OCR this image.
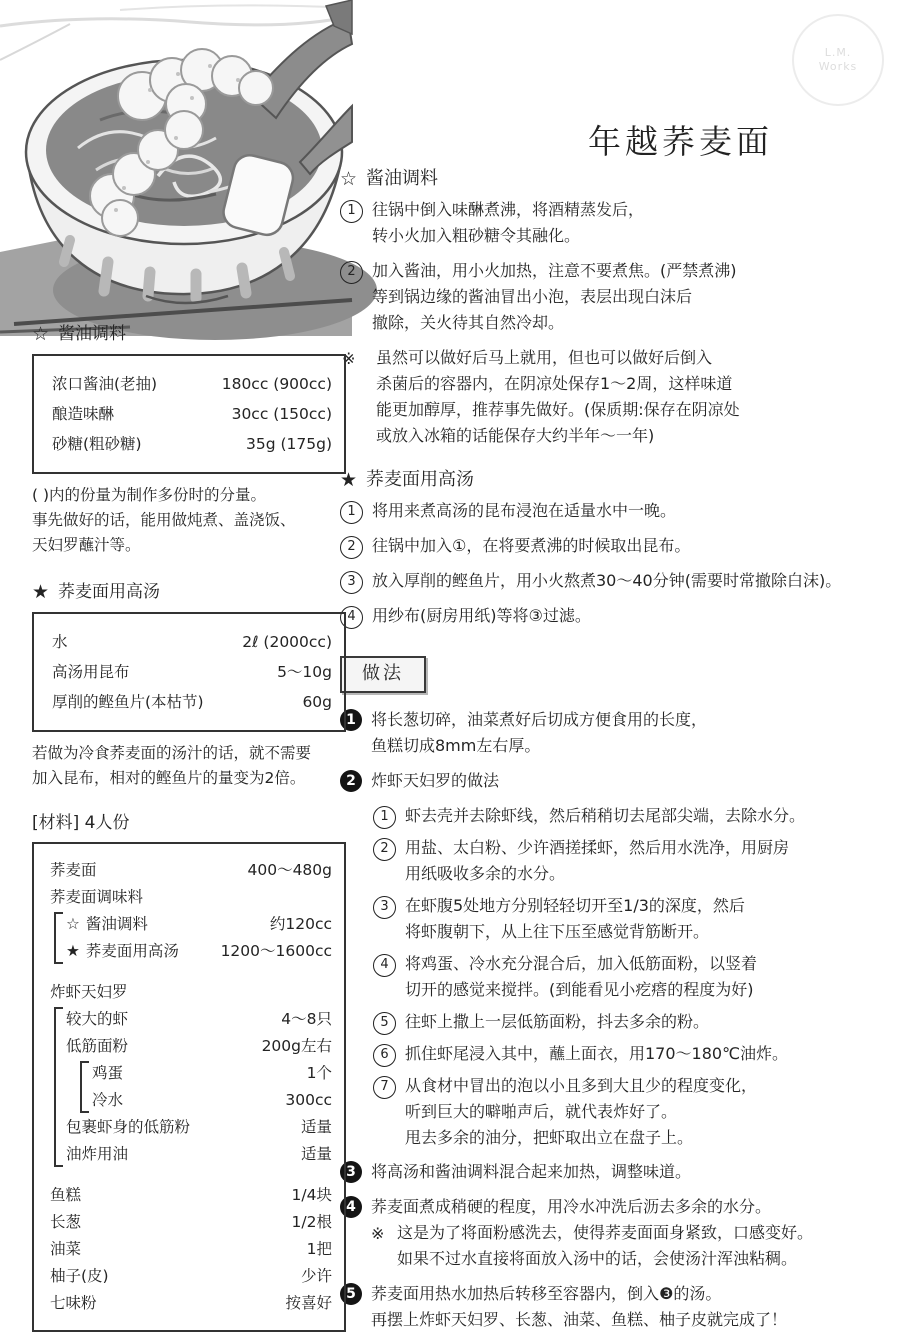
L.M.
Works
年越荞麦面
☆ 酱油调料
1	往锅中倒入味醂煮沸，将酒精蒸发后，
转小火加入粗砂糖令其融化。
2	加入酱油，用小火加热，注意不要煮焦。(严禁煮沸)
等到锅边缘的酱油冒出小泡，表层出现白沫后
撤除，关火待其自然冷却。
※ 虽然可以做好后马上就用，但也可以做好后倒入
杀菌后的容器内，在阴凉处保存1～2周，这样味道
能更加醇厚，推荐事先做好。(保质期:保存在阴凉处
或放入冰箱的话能保存大约半年～一年)
★ 荞麦面用高汤
1	将用来煮高汤的昆布浸泡在适量水中一晚。
2	往锅中加入①，在将要煮沸的时候取出昆布。
3	放入厚削的鲣鱼片，用小火熬煮30～40分钟(需要时常撤除白沫)。
4	用纱布(厨房用纸)等将③过滤。
做法
1 将长葱切碎，油菜煮好后切成方便食用的长度，
鱼糕切成8mm左右厚。
2 炸虾天妇罗的做法
1	虾去壳并去除虾线，然后稍稍切去尾部尖端，去除水分。
2	用盐、太白粉、少许酒搓揉虾，然后用水洗净，用厨房
用纸吸收多余的水分。
3	在虾腹5处地方分别轻轻切开至1/3的深度，然后
将虾腹朝下，从上往下压至感觉背筋断开。
4	将鸡蛋、冷水充分混合后，加入低筋面粉，以竖着
切开的感觉来搅拌。(到能看见小疙瘩的程度为好)
5	往虾上撒上一层低筋面粉，抖去多余的粉。
6	抓住虾尾浸入其中，蘸上面衣，用170～180℃油炸。
7	从食材中冒出的泡以小且多到大且少的程度变化，
听到巨大的噼啪声后，就代表炸好了。
甩去多余的油分，把虾取出立在盘子上。
3 将高汤和酱油调料混合起来加热，调整味道。
4 荞麦面煮成稍硬的程度，用冷水冲洗后沥去多余的水分。
※ 这是为了将面粉感洗去，使得荞麦面面身紧致，口感变好。
如果不过水直接将面放入汤中的话，会使汤汁浑浊粘稠。
5 荞麦面用热水加热后转移至容器内，倒入❸的汤。
再摆上炸虾天妇罗、长葱、油菜、鱼糕、柚子皮就完成了！
☆ 酱油调料
浓口酱油(老抽)	180cc (900cc)
酿造味醂	30cc (150cc)
砂糖(粗砂糖)	35g (175g)
( )内的份量为制作多份时的分量。
事先做好的话，能用做炖煮、盖浇饭、
天妇罗蘸汁等。
★ 荞麦面用高汤
水	2ℓ (2000cc)
高汤用昆布	5～10g
厚削的鲣鱼片(本枯节)	60g
若做为冷食荞麦面的汤汁的话，就不需要
加入昆布，相对的鲣鱼片的量变为2倍。
[材料] 4人份
荞麦面	400～480g
荞麦面调味料
☆ 酱油调料	约120cc
★ 荞麦面用高汤	1200～1600cc
炸虾天妇罗
较大的虾	4～8只
低筋面粉	200g左右
鸡蛋	1个
冷水	300cc
包裹虾身的低筋粉	适量
油炸用油	适量
鱼糕	1/4块
长葱	1/2根
油菜	1把
柚子(皮)	少许
七味粉	按喜好
